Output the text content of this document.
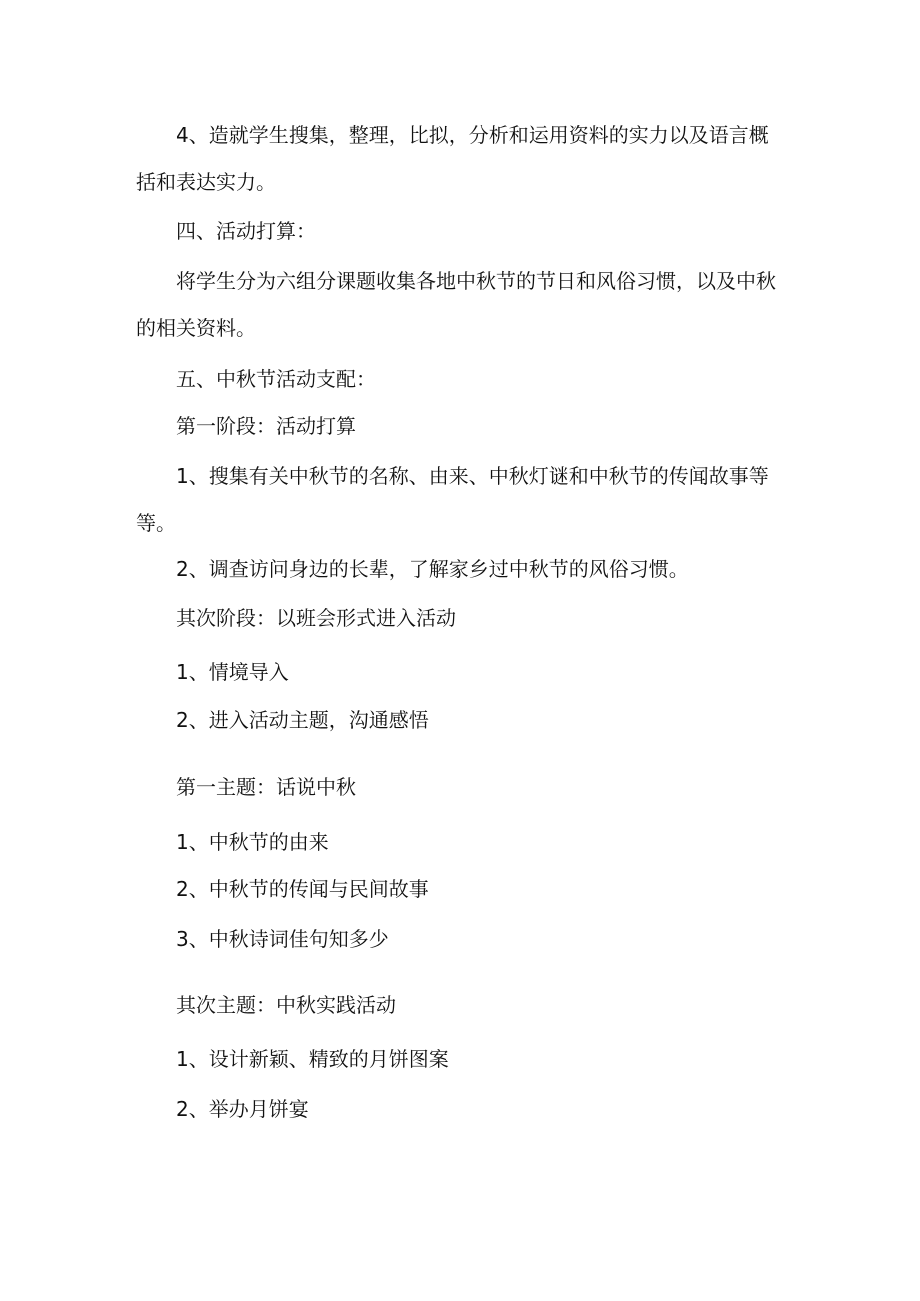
4、造就学生搜集，整理，比拟，分析和运用资料的实力以及语言概

括和表达实力。

四、活动打算：

将学生分为六组分课题收集各地中秋节的节日和风俗习惯，以及中秋

的相关资料。

五、中秋节活动支配：

第一阶段：活动打算

1、搜集有关中秋节的名称、由来、中秋灯谜和中秋节的传闻故事等

等。

2、调查访问身边的长辈，了解家乡过中秋节的风俗习惯。

其次阶段：以班会形式进入活动

1、情境导入

2、进入活动主题，沟通感悟

第一主题：话说中秋

1、中秋节的由来

2、中秋节的传闻与民间故事

3、中秋诗词佳句知多少

其次主题：中秋实践活动

1、设计新颖、精致的月饼图案

2、举办月饼宴
